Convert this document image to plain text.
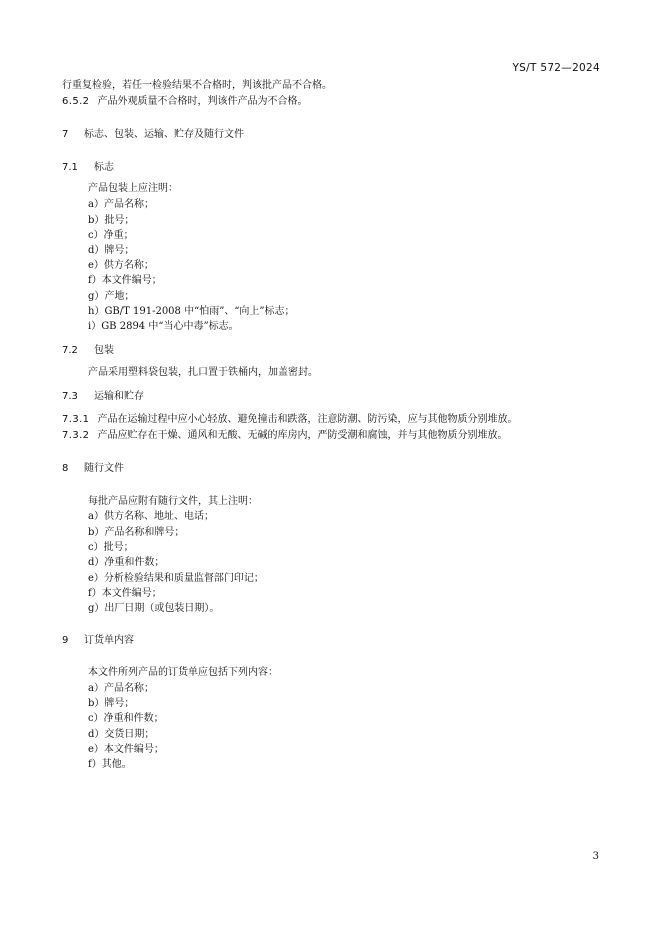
YS/T 572—2024
行重复检验，若任一检验结果不合格时，判该批产品不合格。
6.5.2 产品外观质量不合格时，判该件产品为不合格。
7 标志、包装、运输、贮存及随行文件
7.1 标志
产品包装上应注明：
a）产品名称；
b）批号；
c）净重；
d）牌号；
e）供方名称；
f）本文件编号；
g）产地；
h）GB/T 191-2008 中“怕雨”、“向上”标志；
i）GB 2894 中“当心中毒”标志。
7.2 包装
产品采用塑料袋包装，扎口置于铁桶内，加盖密封。
7.3 运输和贮存
7.3.1 产品在运输过程中应小心轻放、避免撞击和跌落，注意防潮、防污染，应与其他物质分别堆放。
7.3.2 产品应贮存在干燥、通风和无酸、无碱的库房内，严防受潮和腐蚀，并与其他物质分别堆放。
8 随行文件
每批产品应附有随行文件，其上注明：
a）供方名称、地址、电话；
b）产品名称和牌号；
c）批号；
d）净重和件数；
e）分析检验结果和质量监督部门印记；
f）本文件编号；
g）出厂日期（或包装日期）。
9 订货单内容
本文件所列产品的订货单应包括下列内容：
a）产品名称；
b）牌号；
c）净重和件数；
d）交货日期；
e）本文件编号；
f）其他。
3
